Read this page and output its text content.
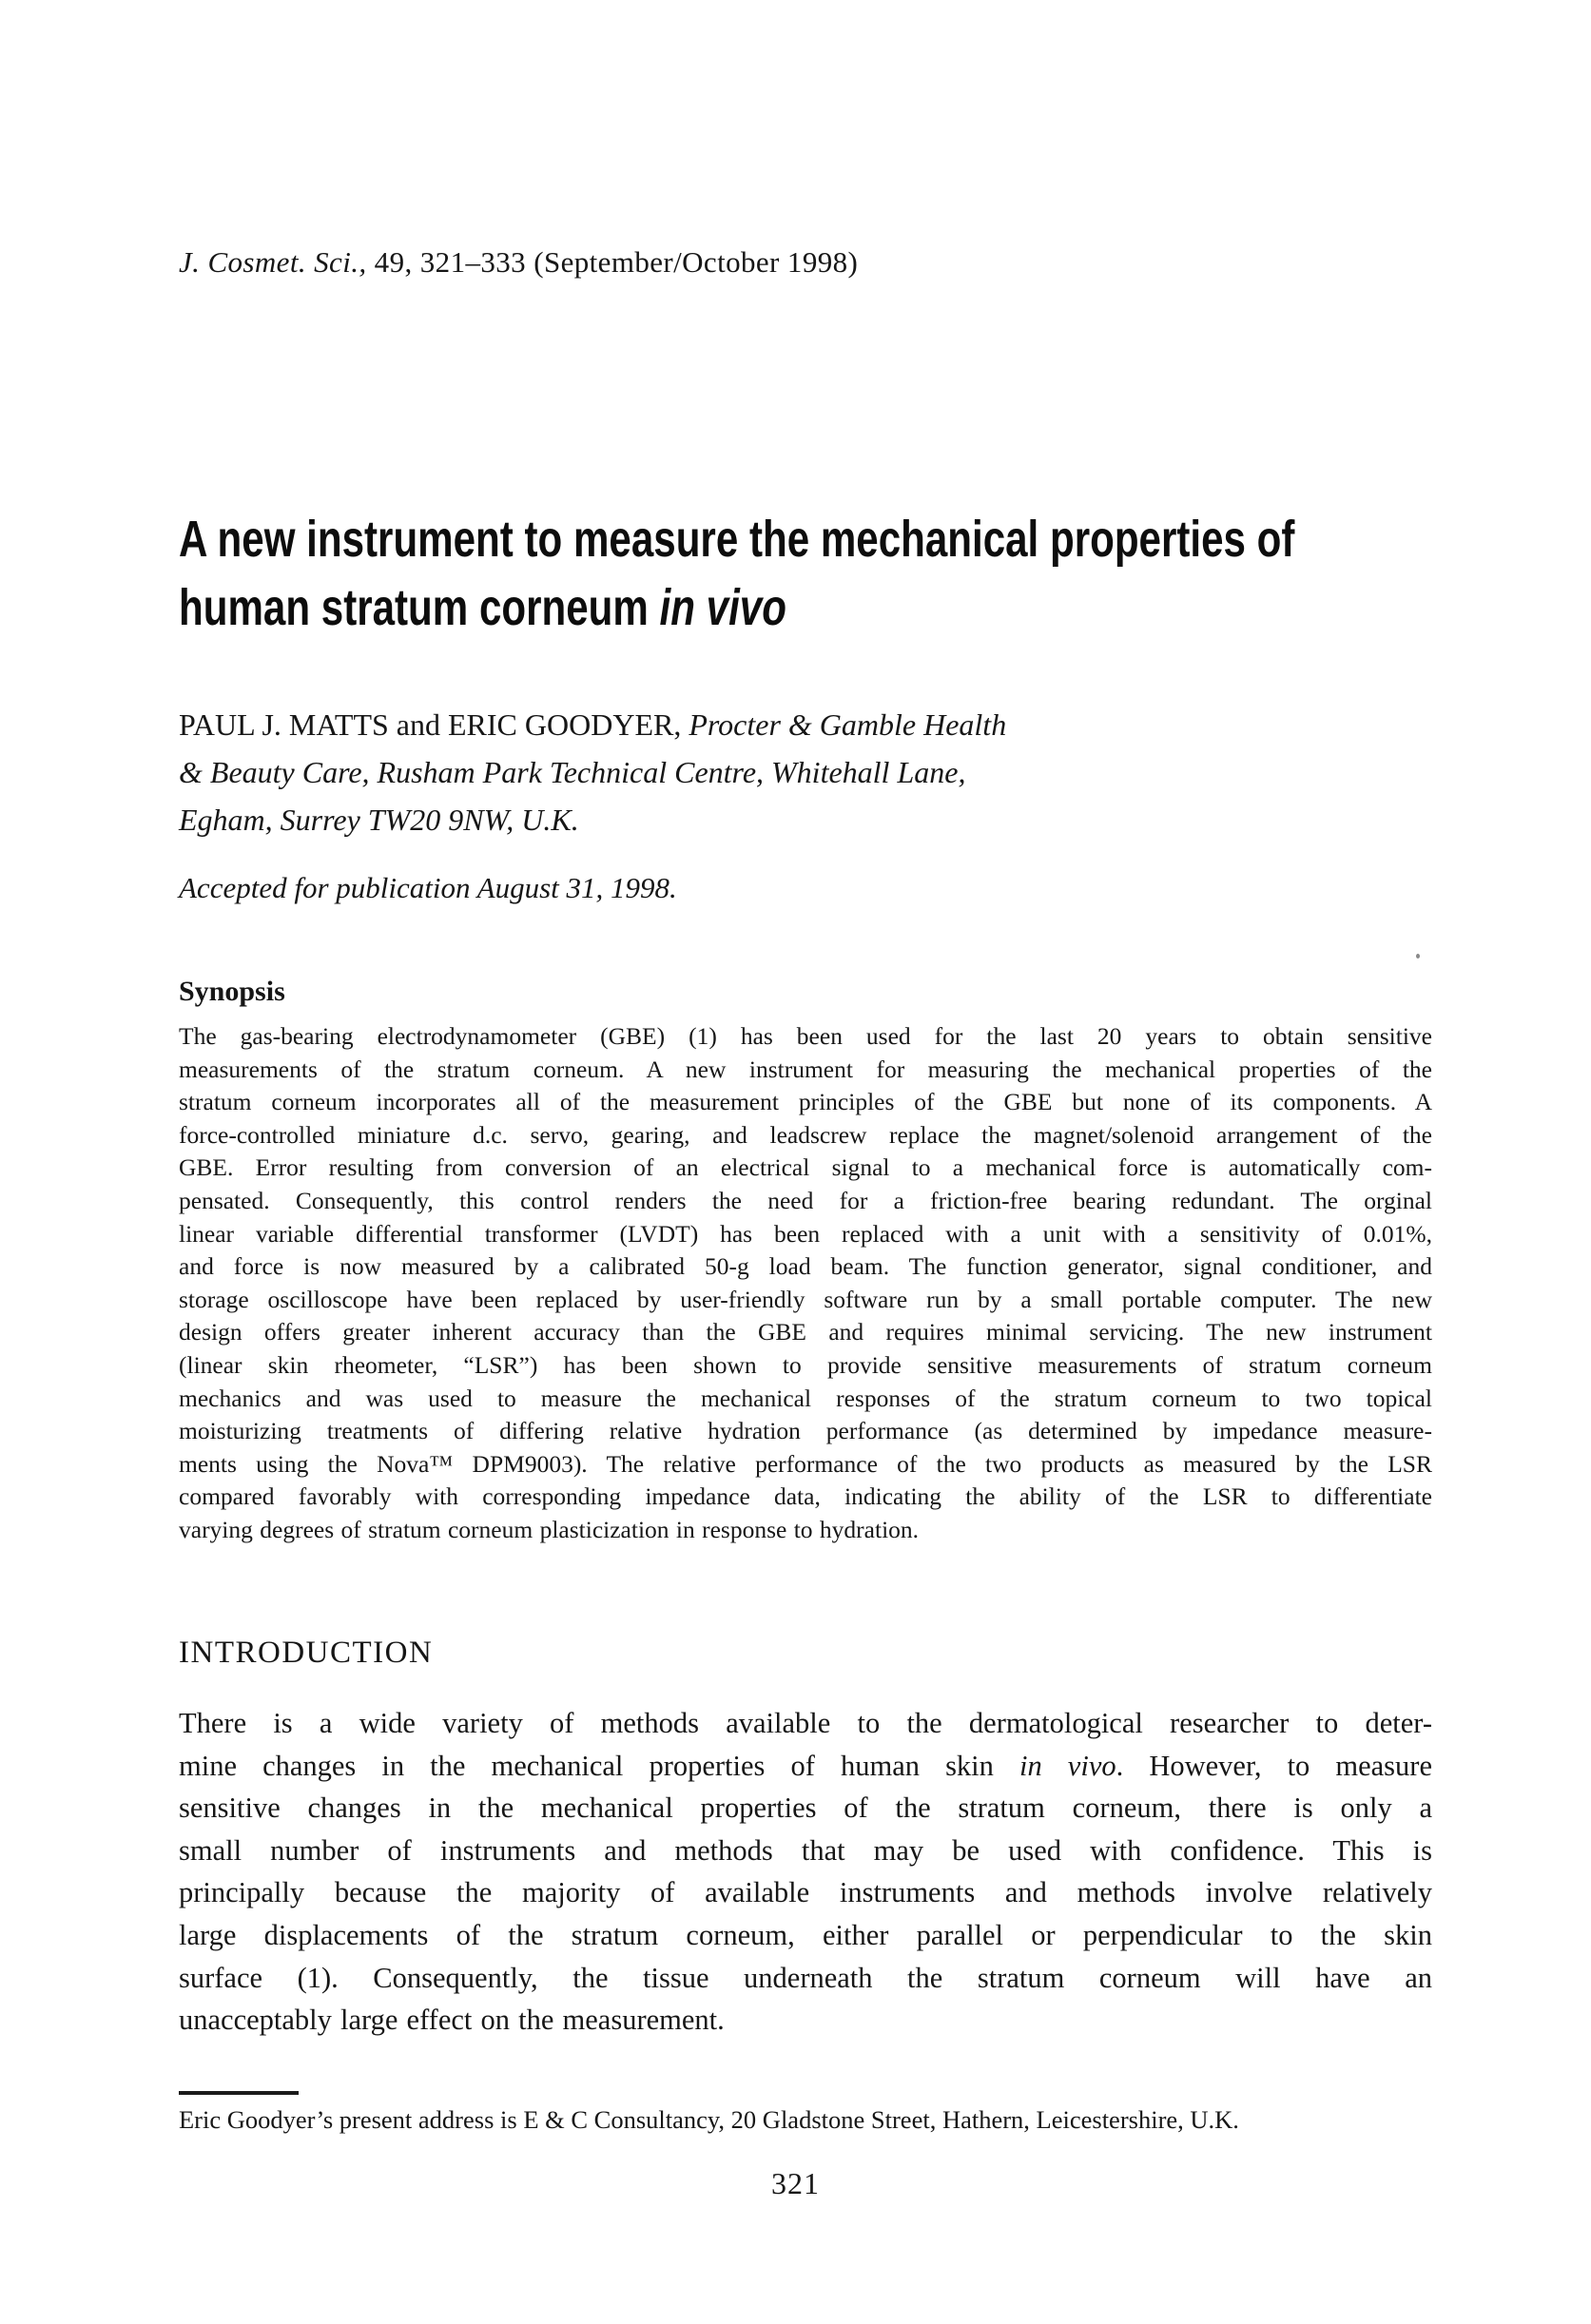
J. Cosmet. Sci., 49, 321–333 (September/October 1998)
A new instrument to measure the mechanical properties of
human stratum corneum in vivo
PAUL J. MATTS and ERIC GOODYER, Procter & Gamble Health
& Beauty Care, Rusham Park Technical Centre, Whitehall Lane,
Egham, Surrey TW20 9NW, U.K.
Accepted for publication August 31, 1998.
Synopsis
The gas-bearing electrodynamometer (GBE) (1) has been used for the last 20 years to obtain sensitive
measurements of the stratum corneum. A new instrument for measuring the mechanical properties of the
stratum corneum incorporates all of the measurement principles of the GBE but none of its components. A
force-controlled miniature d.c. servo, gearing, and leadscrew replace the magnet/solenoid arrangement of the
GBE. Error resulting from conversion of an electrical signal to a mechanical force is automatically com-
pensated. Consequently, this control renders the need for a friction-free bearing redundant. The orginal
linear variable differential transformer (LVDT) has been replaced with a unit with a sensitivity of 0.01%,
and force is now measured by a calibrated 50-g load beam. The function generator, signal conditioner, and
storage oscilloscope have been replaced by user-friendly software run by a small portable computer. The new
design offers greater inherent accuracy than the GBE and requires minimal servicing. The new instrument
(linear skin rheometer, “LSR”) has been shown to provide sensitive measurements of stratum corneum
mechanics and was used to measure the mechanical responses of the stratum corneum to two topical
moisturizing treatments of differing relative hydration performance (as determined by impedance measure-
ments using the Nova™ DPM9003). The relative performance of the two products as measured by the LSR
compared favorably with corresponding impedance data, indicating the ability of the LSR to differentiate
varying degrees of stratum corneum plasticization in response to hydration.
INTRODUCTION
There is a wide variety of methods available to the dermatological researcher to deter-
mine changes in the mechanical properties of human skin in vivo. However, to measure
sensitive changes in the mechanical properties of the stratum corneum, there is only a
small number of instruments and methods that may be used with confidence. This is
principally because the majority of available instruments and methods involve relatively
large displacements of the stratum corneum, either parallel or perpendicular to the skin
surface (1). Consequently, the tissue underneath the stratum corneum will have an
unacceptably large effect on the measurement.
Eric Goodyer’s present address is E & C Consultancy, 20 Gladstone Street, Hathern, Leicestershire, U.K.
321
